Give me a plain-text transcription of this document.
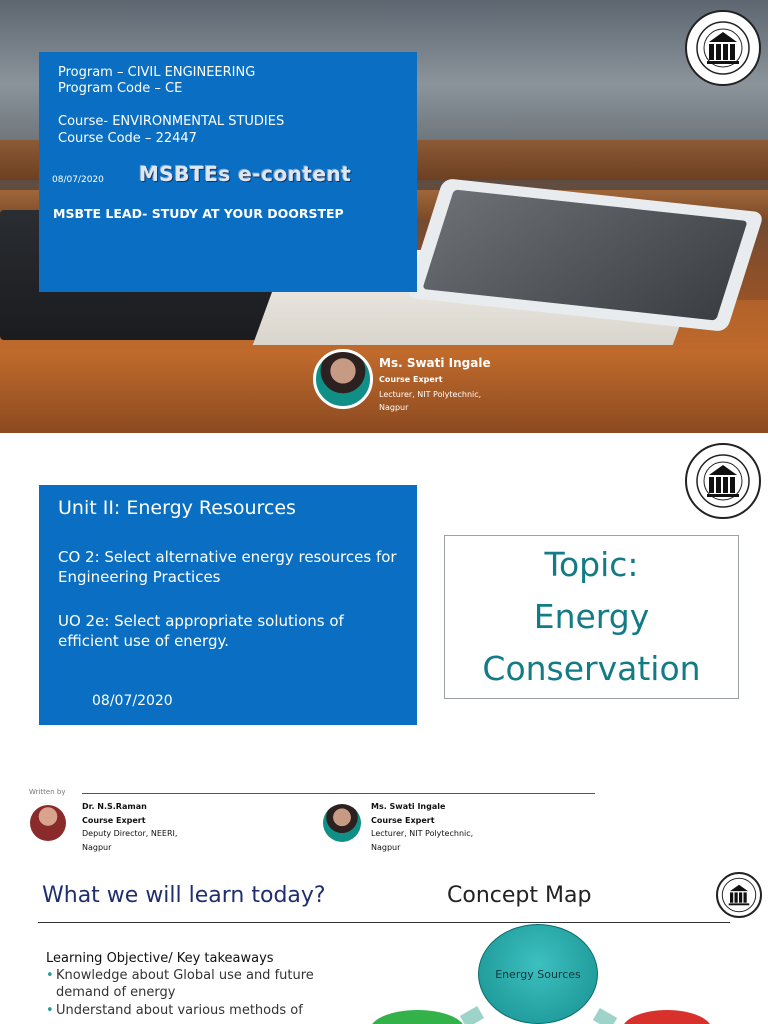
Program – CIVIL ENGINEERING
Program Code – CE
Course- ENVIRONMENTAL STUDIES
Course Code – 22447
08/07/2020 MSBTEs e-content
MSBTE LEAD- STUDY AT YOUR DOORSTEP
Ms. Swati Ingale
Course Expert
Lecturer, NIT Polytechnic,
Nagpur
Unit II: Energy Resources
CO 2: Select alternative energy resources for Engineering Practices
UO 2e: Select appropriate solutions of efficient use of energy.
08/07/2020
Topic:
Energy
Conservation
Written by
Dr. N.S.Raman
Course Expert
Deputy Director, NEERI,
Nagpur
Ms. Swati Ingale
Course Expert
Lecturer, NIT Polytechnic,
Nagpur
What we will learn today?	Concept Map
Learning Objective/ Key takeaways
• Knowledge about Global use and future demand of energy
• Understand about various methods of
Energy Sources
